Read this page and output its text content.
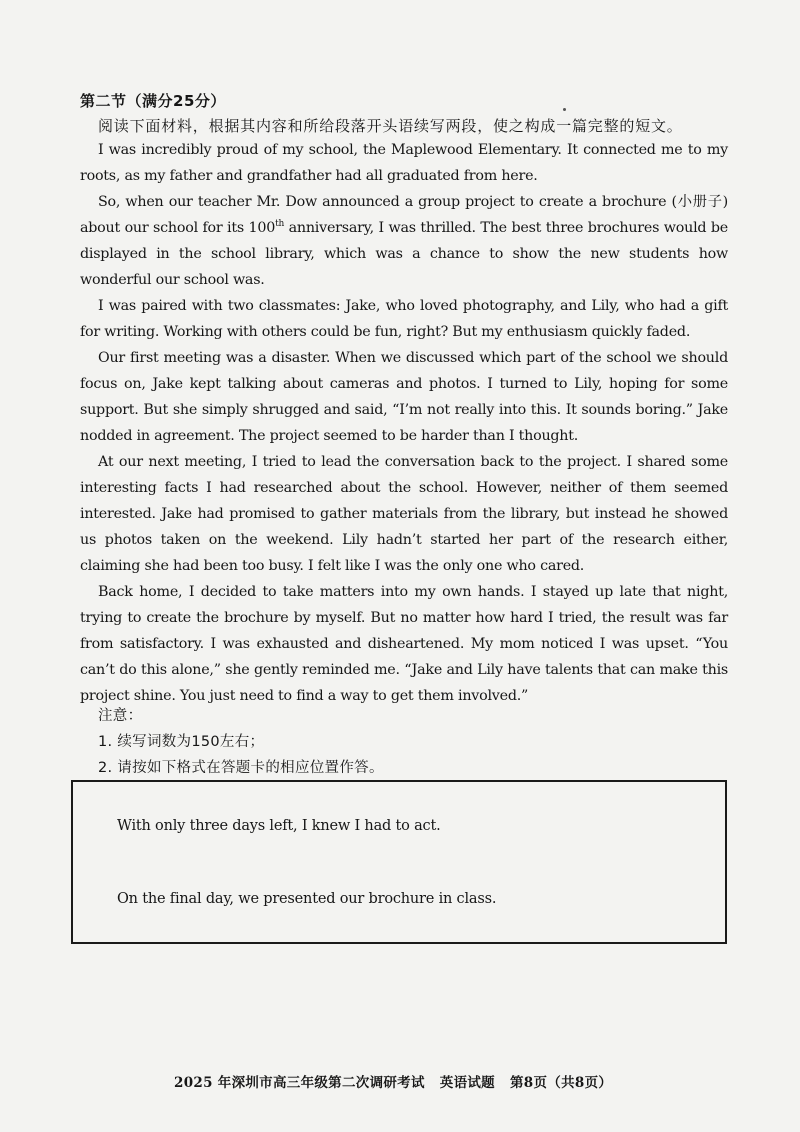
第二节（满分25分）
阅读下面材料，根据其内容和所给段落开头语续写两段，使之构成一篇完整的短文。

I was incredibly proud of my school, the Maplewood Elementary. It connected me to my roots, as my father and grandfather had all graduated from here.

So, when our teacher Mr. Dow announced a group project to create a brochure (小册子) about our school for its 100th anniversary, I was thrilled. The best three brochures would be displayed in the school library, which was a chance to show the new students how wonderful our school was.

I was paired with two classmates: Jake, who loved photography, and Lily, who had a gift for writing. Working with others could be fun, right? But my enthusiasm quickly faded.

Our first meeting was a disaster. When we discussed which part of the school we should focus on, Jake kept talking about cameras and photos. I turned to Lily, hoping for some support. But she simply shrugged and said, “I’m not really into this. It sounds boring.” Jake nodded in agreement. The project seemed to be harder than I thought.

At our next meeting, I tried to lead the conversation back to the project. I shared some interesting facts I had researched about the school. However, neither of them seemed interested. Jake had promised to gather materials from the library, but instead he showed us photos taken on the weekend. Lily hadn’t started her part of the research either, claiming she had been too busy. I felt like I was the only one who cared.

Back home, I decided to take matters into my own hands. I stayed up late that night, trying to create the brochure by myself. But no matter how hard I tried, the result was far from satisfactory. I was exhausted and disheartened. My mom noticed I was upset. “You can’t do this alone,” she gently reminded me. “Jake and Lily have talents that can make this project shine. You just need to find a way to get them involved.”

注意：
1. 续写词数为150左右；
2. 请按如下格式在答题卡的相应位置作答。
With only three days left, I knew I had to act.
On the final day, we presented our brochure in class.
2025 年深圳市高三年级第二次调研考试 英语试题 第8页（共8页）
